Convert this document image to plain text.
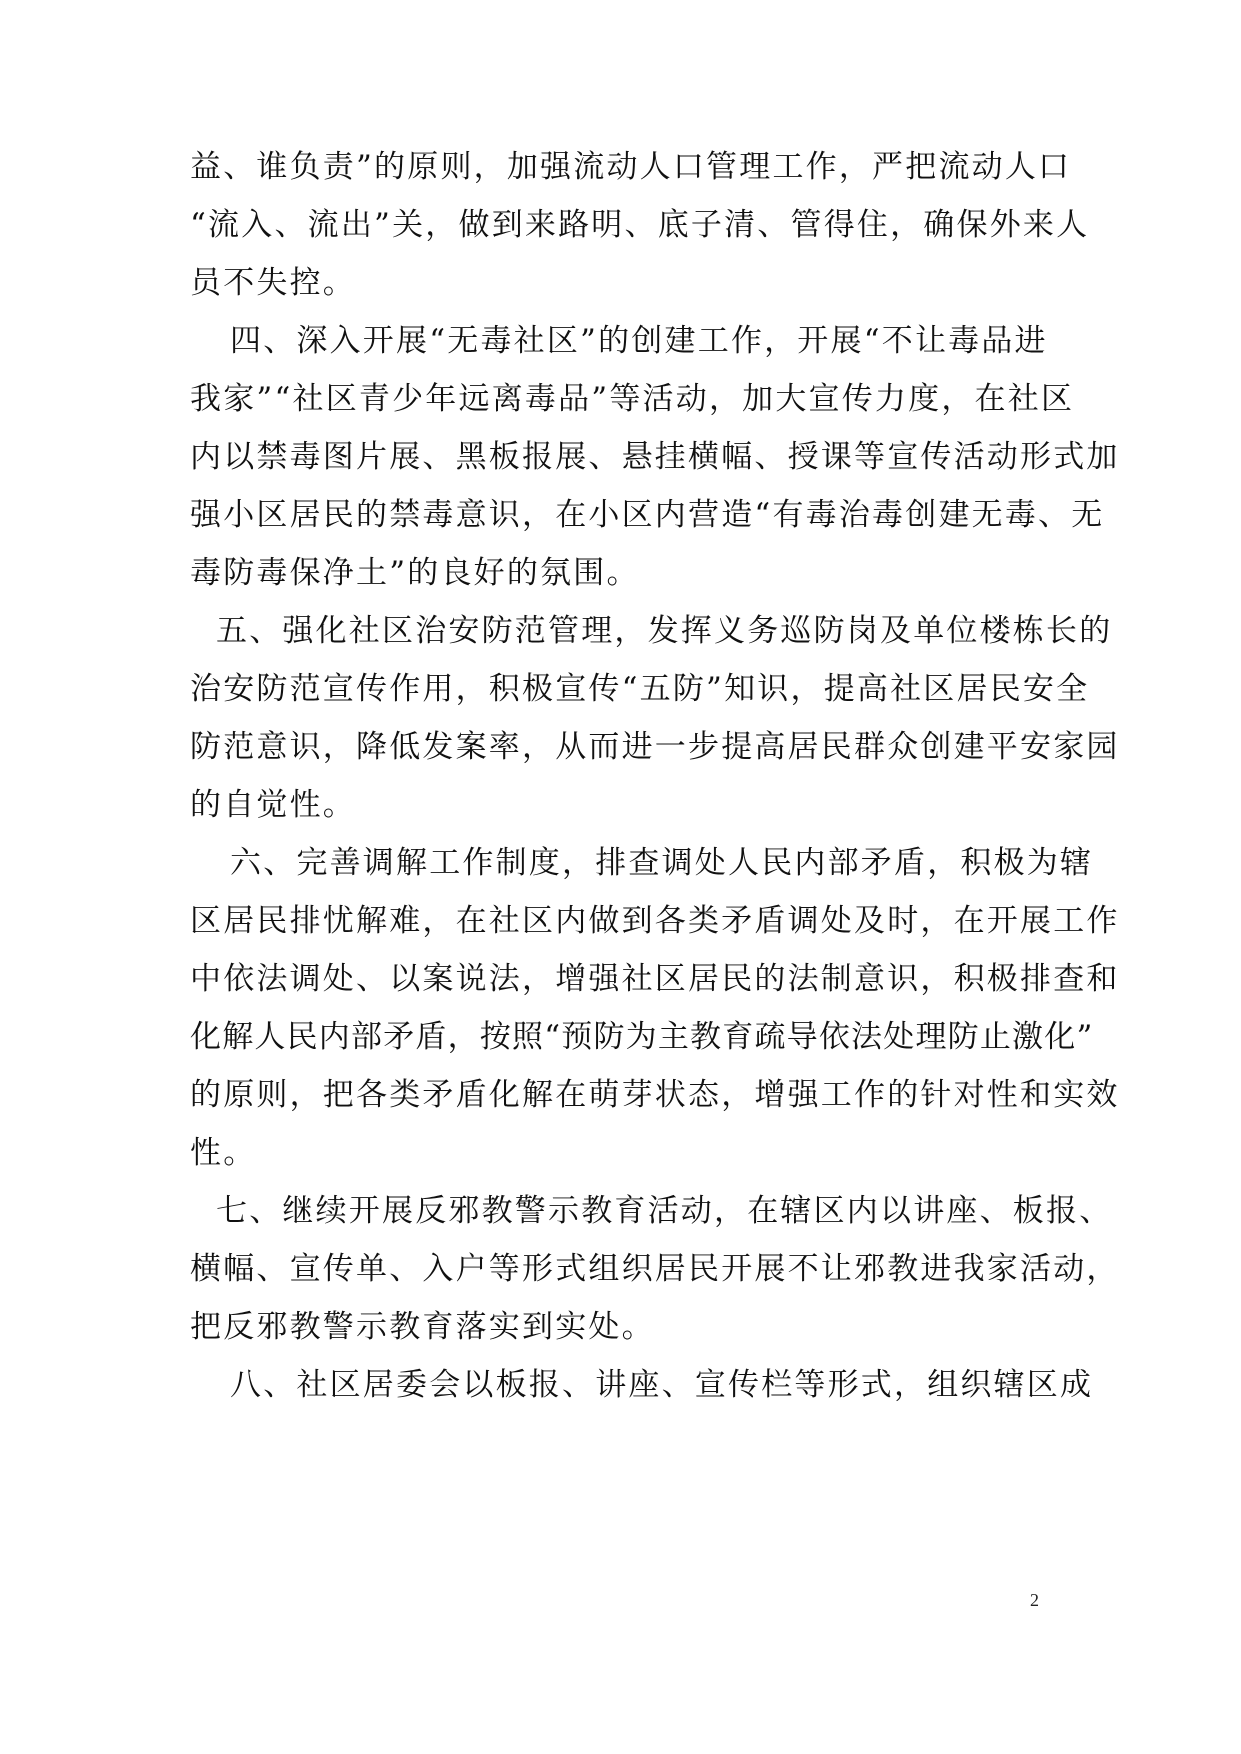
益、谁负责”的原则，加强流动人口管理工作，严把流动人口
“流入、流出”关，做到来路明、底子清、管得住，确保外来人
员不失控。
四、深入开展“无毒社区”的创建工作，开展“不让毒品进
我家”“社区青少年远离毒品”等活动，加大宣传力度，在社区
内以禁毒图片展、黑板报展、悬挂横幅、授课等宣传活动形式加
强小区居民的禁毒意识，在小区内营造“有毒治毒创建无毒、无
毒防毒保净土”的良好的氛围。
五、强化社区治安防范管理，发挥义务巡防岗及单位楼栋长的
治安防范宣传作用，积极宣传“五防”知识，提高社区居民安全
防范意识，降低发案率，从而进一步提高居民群众创建平安家园
的自觉性。
六、完善调解工作制度，排查调处人民内部矛盾，积极为辖
区居民排忧解难，在社区内做到各类矛盾调处及时，在开展工作
中依法调处、以案说法，增强社区居民的法制意识，积极排查和
化解人民内部矛盾，按照“预防为主教育疏导依法处理防止激化”
的原则，把各类矛盾化解在萌芽状态，增强工作的针对性和实效
性。
七、继续开展反邪教警示教育活动，在辖区内以讲座、板报、
横幅、宣传单、入户等形式组织居民开展不让邪教进我家活动，
把反邪教警示教育落实到实处。
八、社区居委会以板报、讲座、宣传栏等形式，组织辖区成
2
